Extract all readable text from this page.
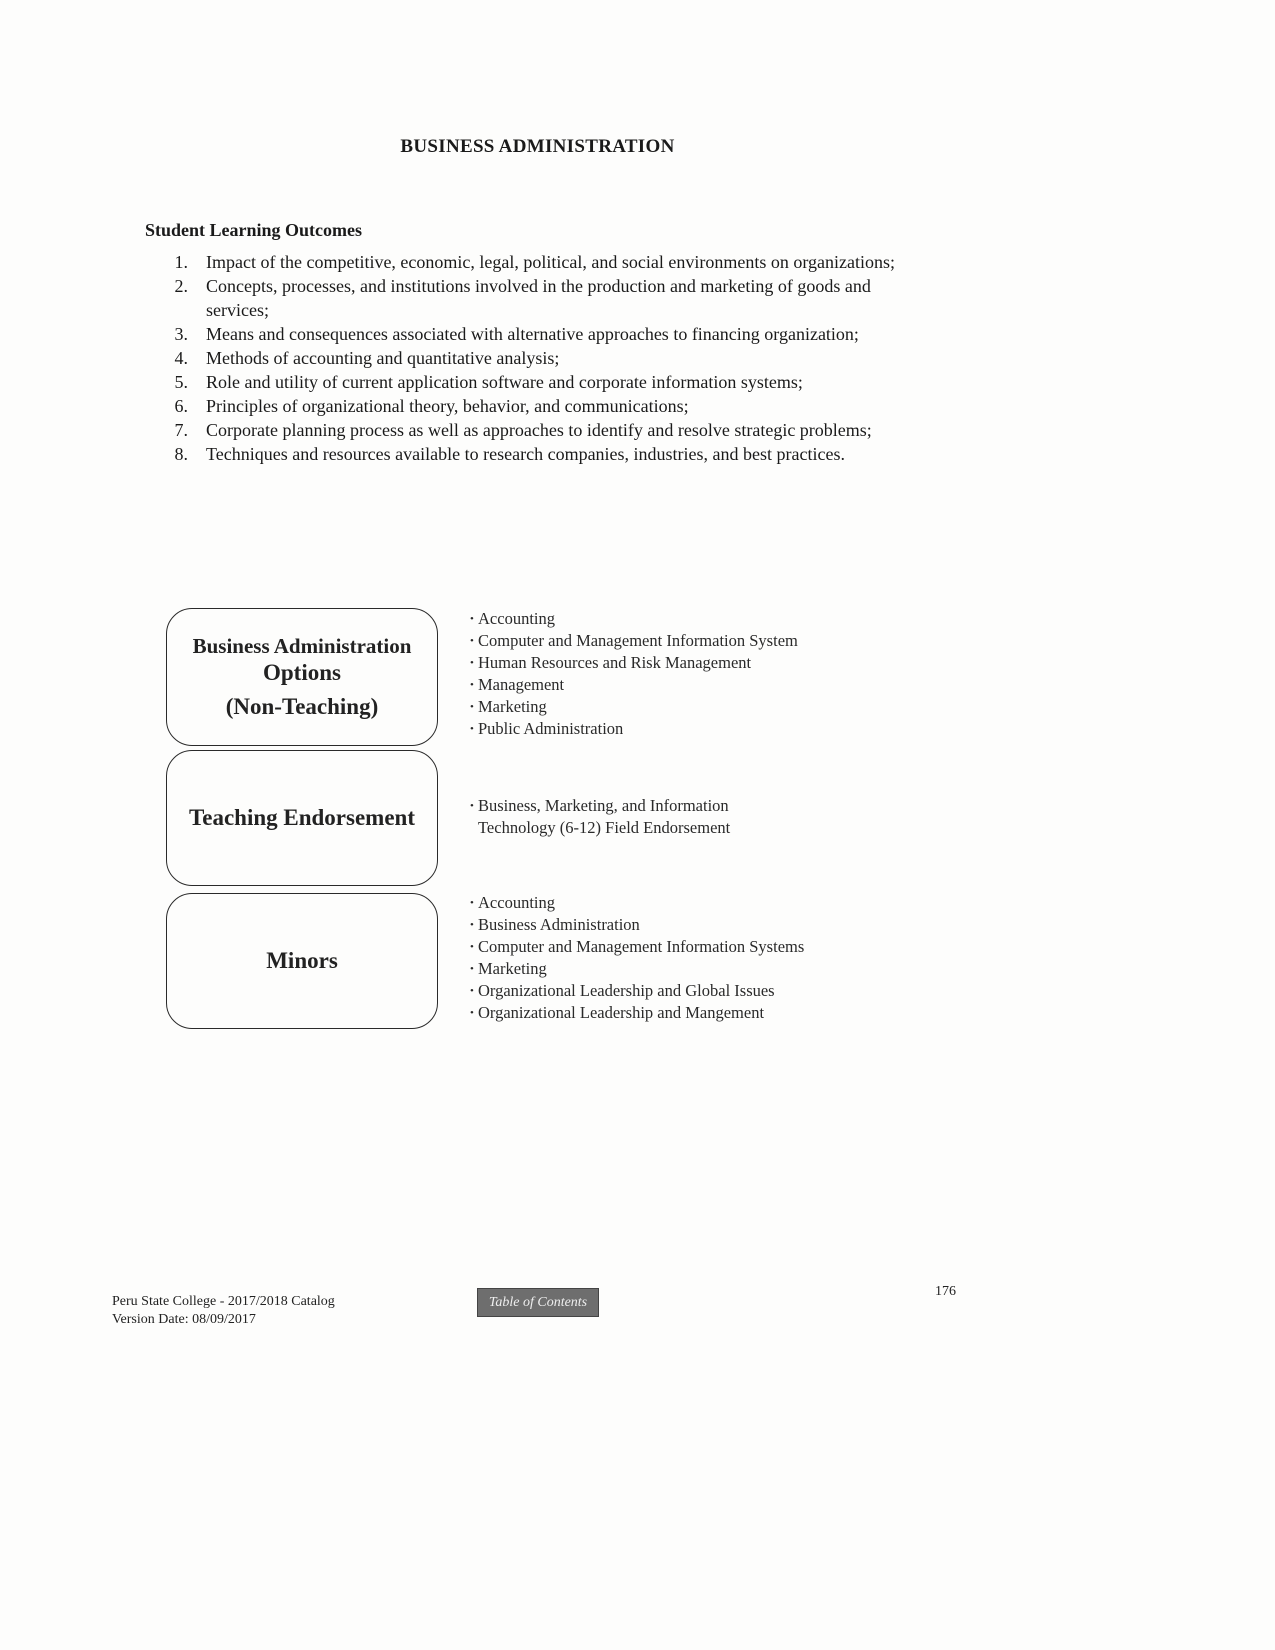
BUSINESS ADMINISTRATION
Student Learning Outcomes
1 . Impact of the competitive, economic, legal, political, and social environments on organizations;
2 . Concepts, processes, and institutions involved in the production and marketing of goods and services;
3 . Means and consequences associated with alternative approaches to financing organization;
4 . Methods of accounting and quantitative analysis;
5 . Role and utility of current application software and corporate information systems;
6 . Principles of organizational theory, behavior, and communications;
7 . Corporate planning process as well as approaches to identify and resolve strategic problems;
8 . Techniques and resources available to research companies, industries, and best practices.
Business Administration
Options
(Non-Teaching)
• Accounting
• Computer and Management Information System
• Human Resources and Risk Management
• Management
• Marketing
• Public Administration
Teaching Endorsement
•	Business, Marketing, and Information Technology (6-12) Field Endorsement
Minors
• Accounting
• Business Administration
• Computer and Management Information Systems
• Marketing
• Organizational Leadership and Global Issues
• Organizational Leadership and Mangement
Peru State College - 2017/2018 Catalog
Version Date: 08/09/2017
Table of Contents
176
